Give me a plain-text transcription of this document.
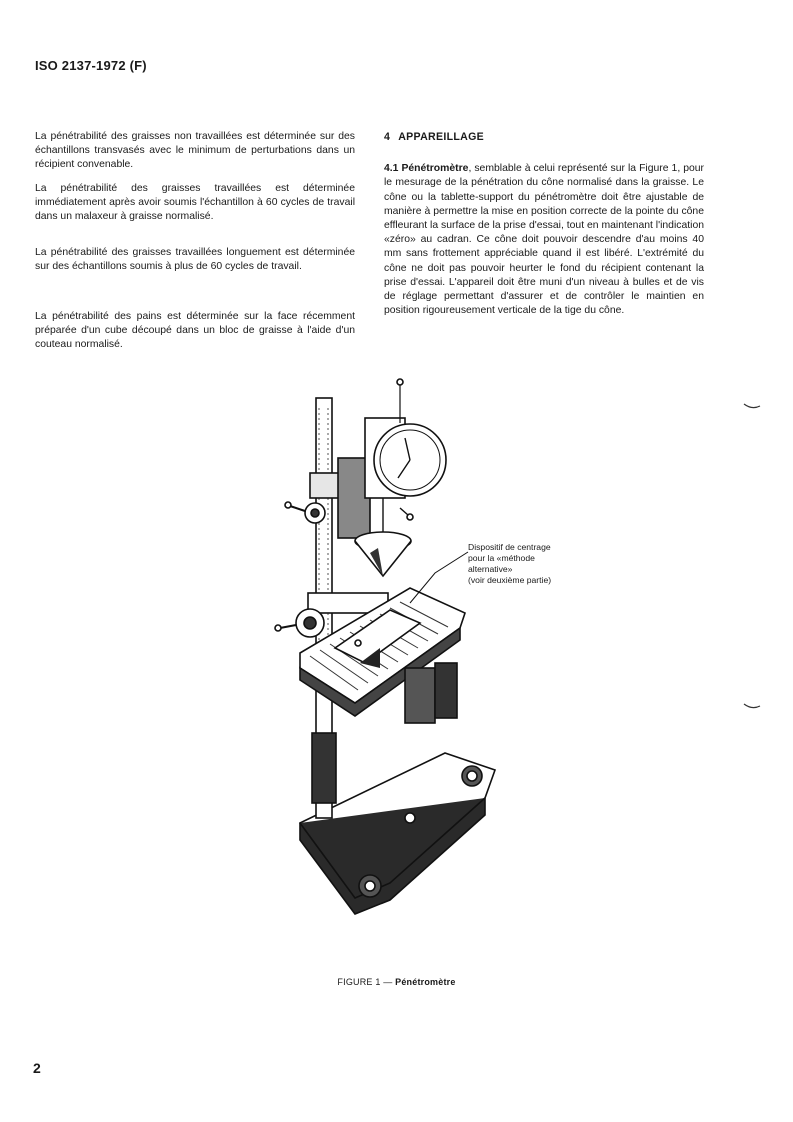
ISO 2137-1972 (F)

La pénétrabilité des graisses non travaillées est déterminée sur des échantillons transvasés avec le minimum de perturbations dans un récipient convenable.

La pénétrabilité des graisses travaillées est déterminée immédiatement après avoir soumis l'échantillon à 60 cycles de travail dans un malaxeur à graisse normalisé.

La pénétrabilité des graisses travaillées longuement est déterminée sur des échantillons soumis à plus de 60 cycles de travail.

La pénétrabilité des pains est déterminée sur la face récemment préparée d'un cube découpé dans un bloc de graisse à l'aide d'un couteau normalisé.

4 APPAREILLAGE

4.1 Pénétromètre, semblable à celui représenté sur la Figure 1, pour le mesurage de la pénétration du cône normalisé dans la graisse. Le cône ou la tablette-support du pénétromètre doit être ajustable de manière à permettre la mise en position correcte de la pointe du cône effleurant la surface de la prise d'essai, tout en maintenant l'indication «zéro» au cadran. Ce cône doit pouvoir descendre d'au moins 40 mm sans frottement appréciable quand il est libéré. L'extrémité du cône ne doit pas pouvoir heurter le fond du récipient contenant la prise d'essai. L'appareil doit être muni d'un niveau à bulles et de vis de réglage permettant d'assurer et de contrôler le maintien en position rigoureusement verticale de la tige du cône.

Dispositif de centrage
pour la «méthode
alternative»
(voir deuxième partie)
FIGURE 1 — Pénétromètre
2
